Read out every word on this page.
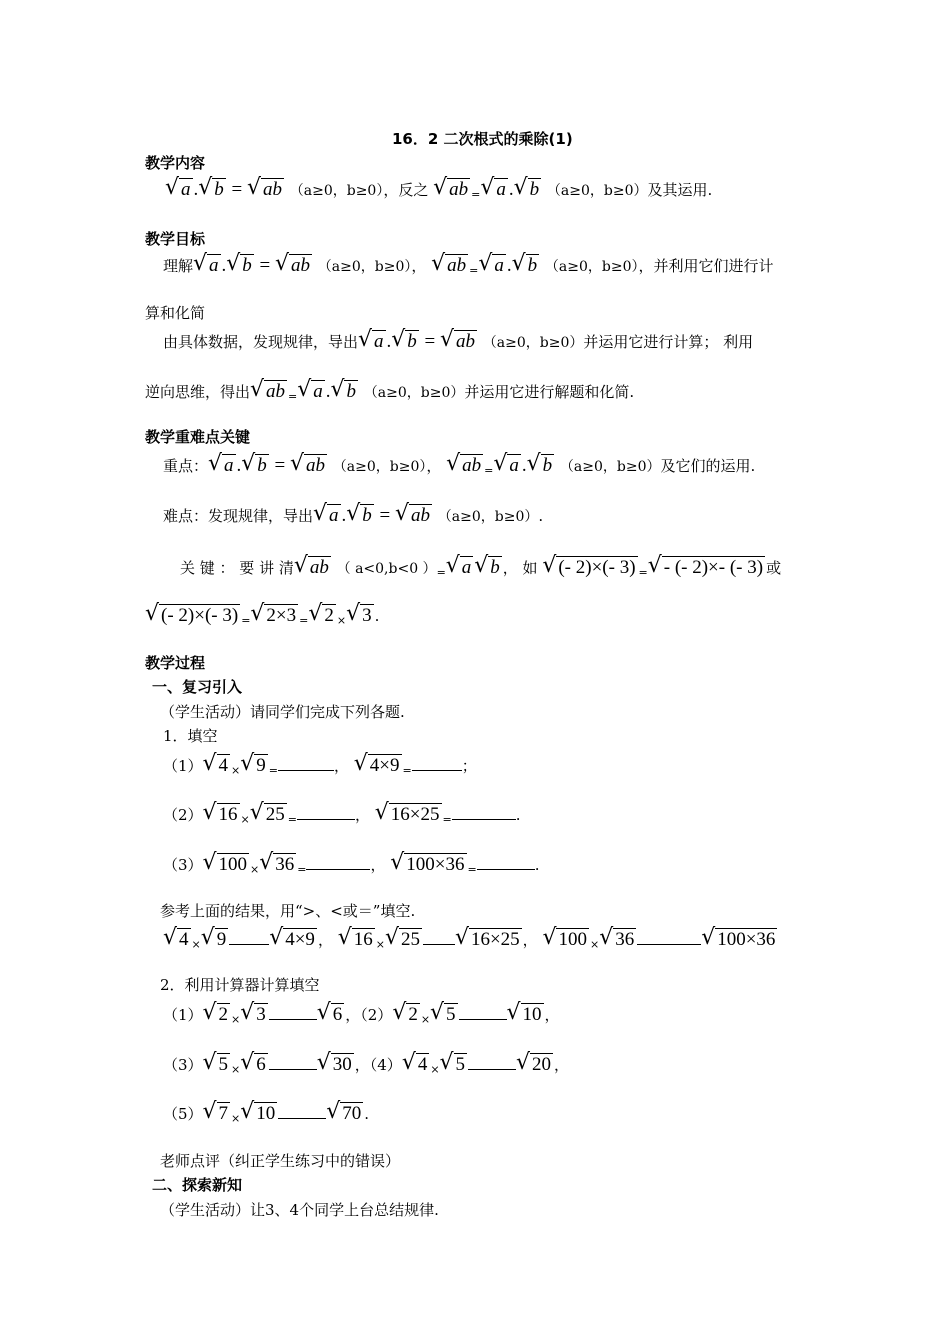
16．2 二次根式的乘除(1)
教学内容
√ a . √ b = √ ab （a≥0，b≥0），反之 √ ab $_=$ √ a . √ b （a≥0，b≥0）及其运用.
教学目标
理解 √ a . √ b = √ ab （a≥0，b≥0）， √ ab $_=$ √ a . √ b （a≥0，b≥0），并利用它们进行计
算和化简
由具体数据，发现规律，导出 √ a . √ b = √ ab （a≥0，b≥0）并运用它进行计算； 利用
逆向思维，得出 √ ab $_=$ √ a . √ b （a≥0，b≥0）并运用它进行解题和化简.
教学重难点关键
重点： √ a . √ b = √ ab （a≥0，b≥0）， √ ab $_=$ √ a . √ b （a≥0，b≥0）及它们的运用.
难点：发现规律，导出 √ a . √ b = √ ab （a≥0，b≥0）.
关 键 ： 要 讲 清 √ ab （ a<0,b<0 ）$_=$ √ a √ b ， 如 √ (- 2)×(- 3) $_=$ √ - (- 2)×- (- 3) 或
√ (- 2)×(- 3) $_=$ √ 2×3 $_=$ √ 2 $_\times$ √ 3 .
教学过程
一、复习引入
（学生活动）请同学们完成下列各题.
1．填空
（1） √ 4 $_\times$ √ 9 $_=$	， √ 4×9 $_=$	；
（2） √ 16 $_\times$ √ 25 $_=$	， √ 16×25 $_=$	.
（3） √ 100 $_\times$ √ 36 $_=$	， √ 100×36 $_=$	.
参考上面的结果，用“>、<或＝”填空.
√ 4 $_\times$ √ 9 √ 4×9 ， √ 16 $_\times$ √ 25 √ 16×25 ， √ 100 $_\times$ √ 36	√ 100×36
2．利用计算器计算填空
（1） √ 2 $_\times$ √ 3 √ 6 ，（2） √ 2 $_\times$ √ 5 √ 10 ，
（3） √ 5 $_\times$ √ 6 √ 30 ，（4） √ 4 $_\times$ √ 5 √ 20 ，
（5） √ 7 $_\times$ √ 10 √ 70 .
老师点评（纠正学生练习中的错误）
二、探索新知
（学生活动）让3、4个同学上台总结规律.
